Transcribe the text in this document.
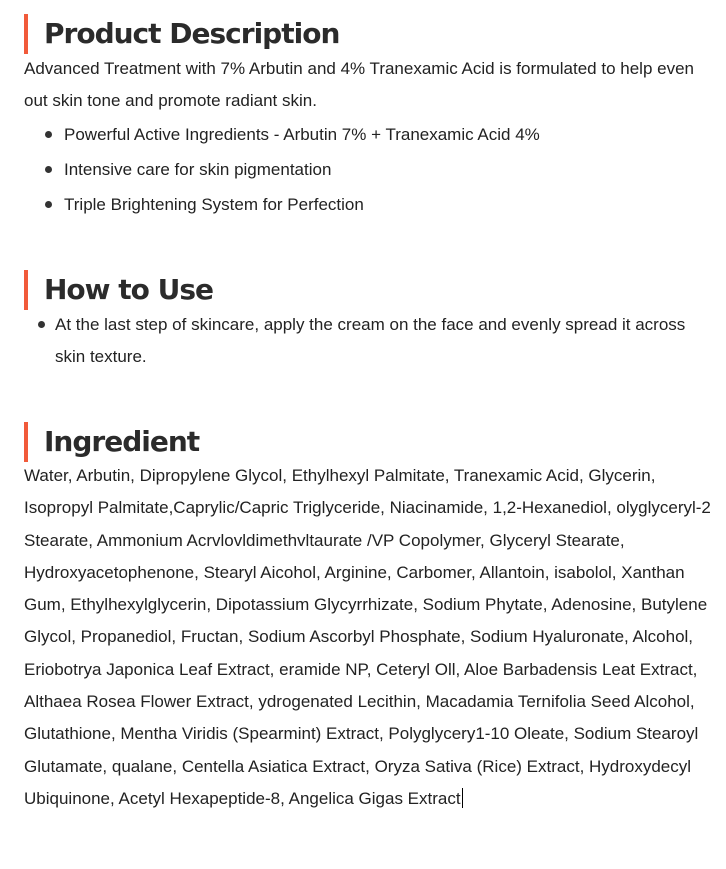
Product Description

Advanced Treatment with 7% Arbutin and 4% Tranexamic Acid is formulated to help even out skin tone and promote radiant skin.

Powerful Active Ingredients - Arbutin 7% + Tranexamic Acid 4%
Intensive care for skin pigmentation
Triple Brightening System for Perfection
How to Use

At the last step of skincare, apply the cream on the face and evenly spread it across skin texture.

Ingredient

Water, Arbutin, Dipropylene Glycol, Ethylhexyl Palmitate, Tranexamic Acid, Glycerin, Isopropyl Palmitate,Caprylic/Capric Triglyceride, Niacinamide, 1,2-Hexanediol, olyglyceryl-2 Stearate, Ammonium Acrvlovldimethvltaurate /VP Copolymer, Glyceryl Stearate, Hydroxyacetophenone, Stearyl Aicohol, Arginine, Carbomer, Allantoin, isabolol, Xanthan Gum, Ethylhexylglycerin, Dipotassium Glycyrrhizate, Sodium Phytate, Adenosine, Butylene Glycol, Propanediol, Fructan, Sodium Ascorbyl Phosphate, Sodium Hyaluronate, Alcohol, Eriobotrya Japonica Leaf Extract, eramide NP, Ceteryl Oll, Aloe Barbadensis Leat Extract, Althaea Rosea Flower Extract, ydrogenated Lecithin, Macadamia Ternifolia Seed Alcohol, Glutathione, Mentha Viridis (Spearmint) Extract, Polyglycery1-10 Oleate, Sodium Stearoyl Glutamate, qualane, Centella Asiatica Extract, Oryza Sativa (Rice) Extract, Hydroxydecyl Ubiquinone, Acetyl Hexapeptide-8, Angelica Gigas Extract
